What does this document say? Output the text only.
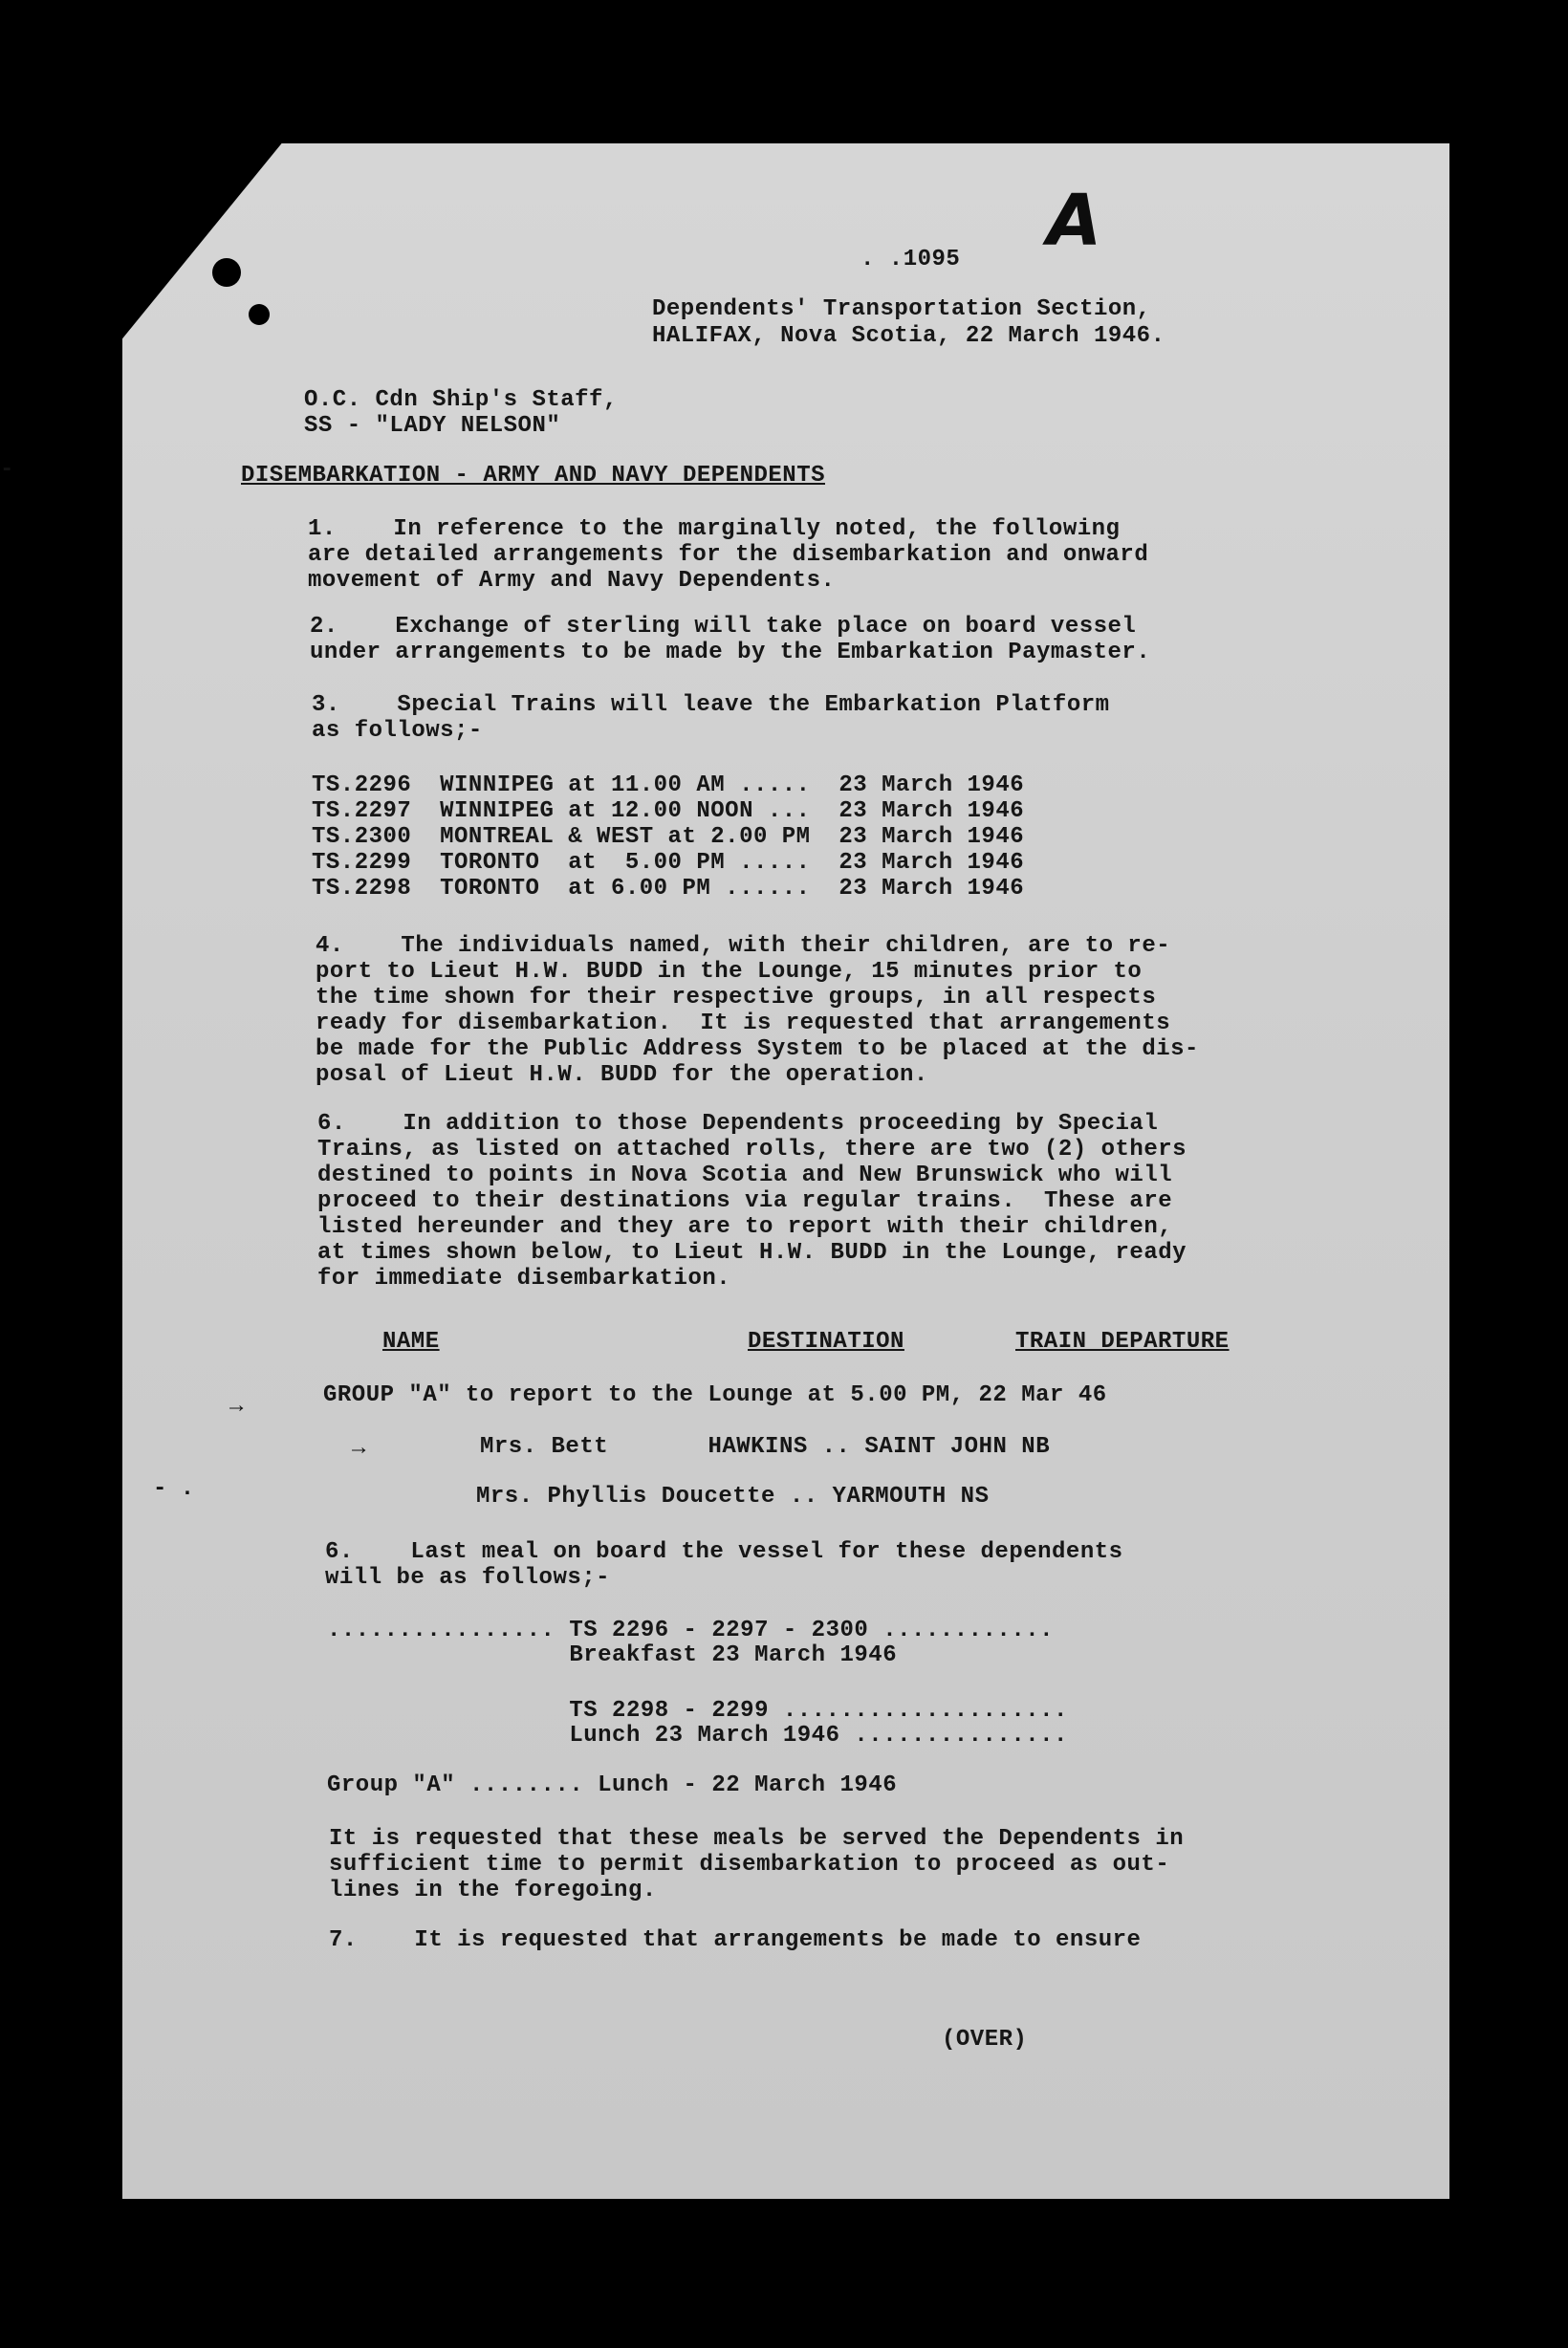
-
A
. .1095
Dependents' Transportation Section,
HALIFAX, Nova Scotia, 22 March 1946.
O.C. Cdn Ship's Staff,
SS - "LADY NELSON"
DISEMBARKATION - ARMY AND NAVY DEPENDENTS
1.    In reference to the marginally noted, the following
are detailed arrangements for the disembarkation and onward
movement of Army and Navy Dependents.
2.    Exchange of sterling will take place on board vessel
under arrangements to be made by the Embarkation Paymaster.
3.    Special Trains will leave the Embarkation Platform
as follows;-
TS.2296  WINNIPEG at 11.00 AM .....  23 March 1946
TS.2297  WINNIPEG at 12.00 NOON ...  23 March 1946
TS.2300  MONTREAL & WEST at 2.00 PM  23 March 1946
TS.2299  TORONTO  at  5.00 PM .....  23 March 1946
TS.2298  TORONTO  at 6.00 PM ......  23 March 1946
4.    The individuals named, with their children, are to re-
port to Lieut H.W. BUDD in the Lounge, 15 minutes prior to
the time shown for their respective groups, in all respects
ready for disembarkation.  It is requested that arrangements
be made for the Public Address System to be placed at the dis-
posal of Lieut H.W. BUDD for the operation.
6.    In addition to those Dependents proceeding by Special
Trains, as listed on attached rolls, there are two (2) others
destined to points in Nova Scotia and New Brunswick who will
proceed to their destinations via regular trains.  These are
listed hereunder and they are to report with their children,
at times shown below, to Lieut H.W. BUDD in the Lounge, ready
for immediate disembarkation.
NAME	DESTINATION	TRAIN DEPARTURE
→	GROUP "A" to report to the Lounge at 5.00 PM, 22 Mar 46
→	Mrs. Bett       HAWKINS .. SAINT JOHN NB
- .	Mrs. Phyllis Doucette .. YARMOUTH NS
6.    Last meal on board the vessel for these dependents
will be as follows;-
................ TS 2296 - 2297 - 2300 ............
Breakfast 23 March 1946
TS 2298 - 2299 ....................
Lunch 23 March 1946 ...............
Group "A" ........ Lunch - 22 March 1946
It is requested that these meals be served the Dependents in
sufficient time to permit disembarkation to proceed as out-
lines in the foregoing.
7.    It is requested that arrangements be made to ensure
(OVER)
